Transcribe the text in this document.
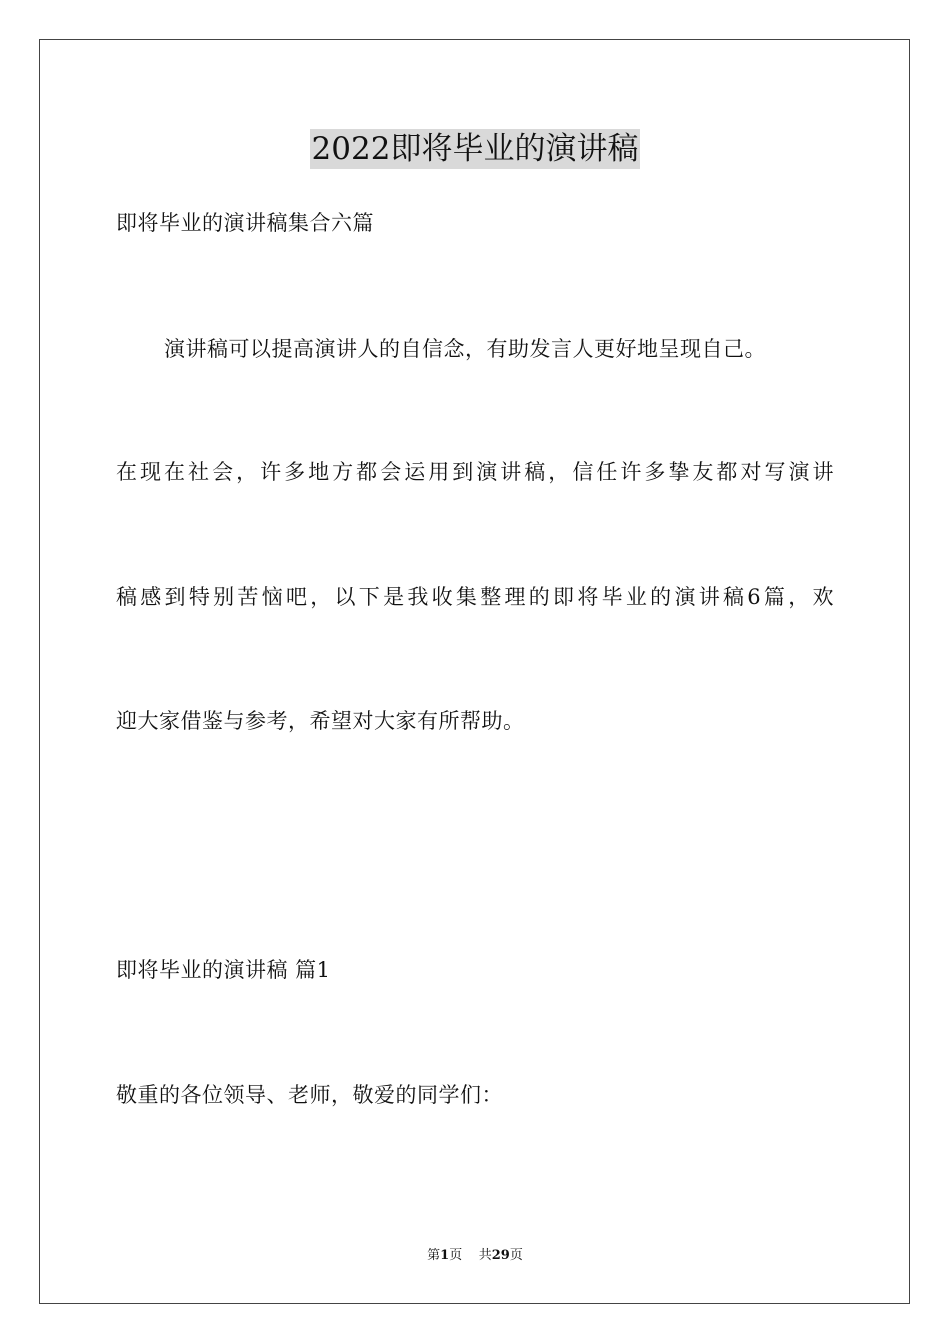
2022即将毕业的演讲稿

即将毕业的演讲稿集合六篇

演讲稿可以提高演讲人的自信念，有助发言人更好地呈现自己。

在现在社会，许多地方都会运用到演讲稿，信任许多挚友都对写演讲

稿感到特别苦恼吧，以下是我收集整理的即将毕业的演讲稿6篇，欢

迎大家借鉴与参考，希望对大家有所帮助。

即将毕业的演讲稿 篇1

敬重的各位领导、老师，敬爱的同学们：

第1页 共29页
